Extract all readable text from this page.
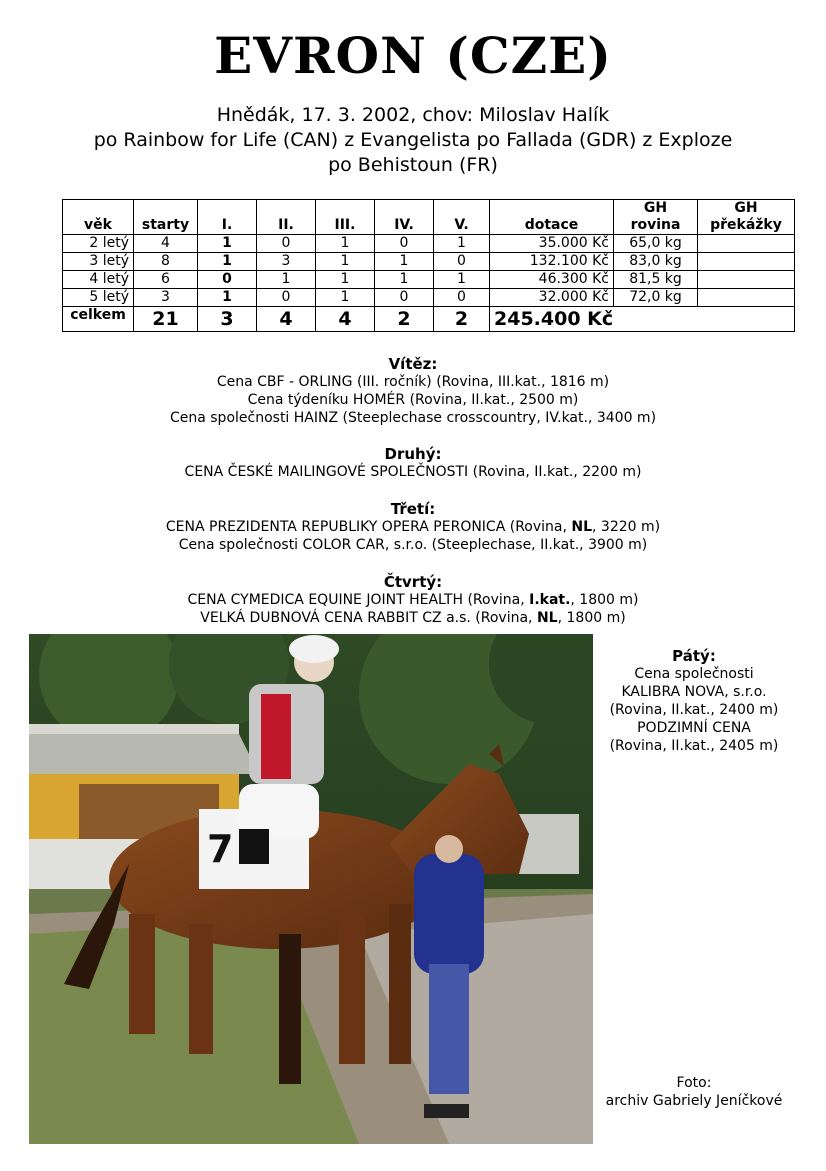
EVRON (CZE)
Hnědák, 17. 3. 2002, chov: Miloslav Halík
po Rainbow for Life (CAN) z Evangelista po Fallada (GDR) z Exploze
po Behistoun (FR)
věk	starty	I.	II.	III.	IV.	V.	dotace	GH rovina	GH překážky
2 letý	4	1	0	1	0	1	35.000 Kč	65,0 kg	
3 letý	8	1	3	1	1	0	132.100 Kč	83,0 kg	
4 letý	6	0	1	1	1	1	46.300 Kč	81,5 kg	
5 letý	3	1	0	1	0	0	32.000 Kč	72,0 kg	
celkem	21	3	4	4	2	2	245.400 Kč		
Vítěz:
Cena CBF - ORLING (III. ročník) (Rovina, III.kat., 1816 m)
Cena týdeníku HOMÉR (Rovina, II.kat., 2500 m)
Cena společnosti HAINZ (Steeplechase crosscountry, IV.kat., 3400 m)
Druhý:
CENA ČESKÉ MAILINGOVÉ SPOLEČNOSTI (Rovina, II.kat., 2200 m)
Třetí:
CENA PREZIDENTA REPUBLIKY OPERA PERONICA (Rovina, NL, 3220 m)
Cena společnosti COLOR CAR, s.r.o. (Steeplechase, II.kat., 3900 m)
Čtvrtý:
CENA CYMEDICA EQUINE JOINT HEALTH (Rovina, I.kat., 1800 m)
VELKÁ DUBNOVÁ CENA RABBIT CZ a.s. (Rovina, NL, 1800 m)
7
Pátý:
Cena společnosti
KALIBRA NOVA, s.r.o.
(Rovina, II.kat., 2400 m)
PODZIMNÍ CENA
(Rovina, II.kat., 2405 m)
Foto:
archiv Gabriely Jeníčkové
